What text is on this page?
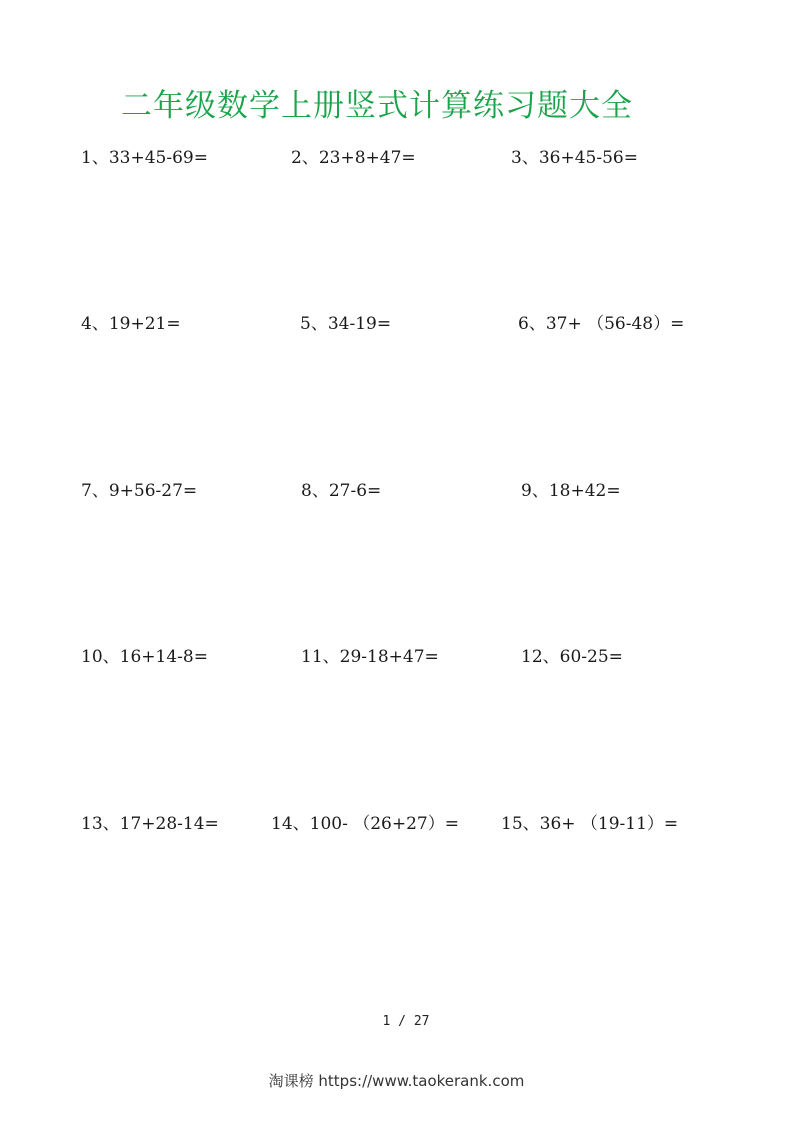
二年级数学上册竖式计算练习题大全
1、33+45-69=	2、23+8+47=	3、36+45-56=
4、19+21=	5、34-19=	6、37+ （56-48）=
7、9+56-27=	8、27-6=	9、18+42=
10、16+14-8=	11、29-18+47=	12、60-25=
13、17+28-14=	14、100- （26+27）= 15、36+ （19-11）=
1 / 27
淘课榜 https://www.taokerank.com
